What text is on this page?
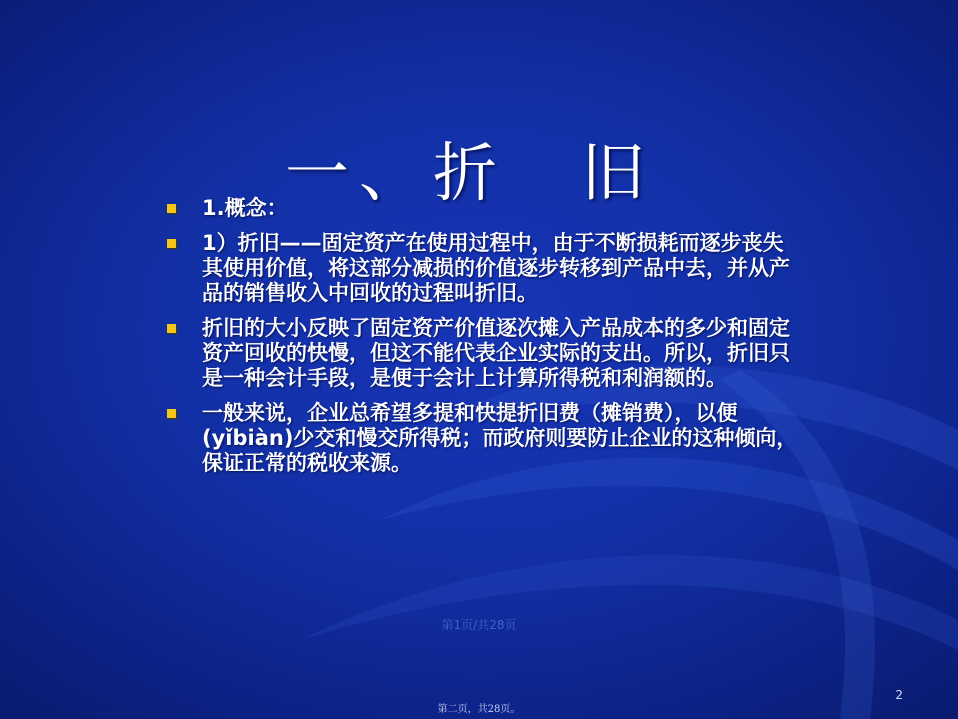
一、折　旧
1.概念：
1）折旧——固定资产在使用过程中，由于不断损耗而逐步丧失其使用价值，将这部分减损的价值逐步转移到产品中去，并从产品的销售收入中回收的过程叫折旧。
折旧的大小反映了固定资产价值逐次摊入产品成本的多少和固定资产回收的快慢，但这不能代表企业实际的支出。所以，折旧只是一种会计手段，是便于会计上计算所得税和利润额的。
一般来说，企业总希望多提和快提折旧费（摊销费），以便(yǐbiàn)少交和慢交所得税；而政府则要防止企业的这种倾向，保证正常的税收来源。
第1页/共28页
2
第二页，共28页。
